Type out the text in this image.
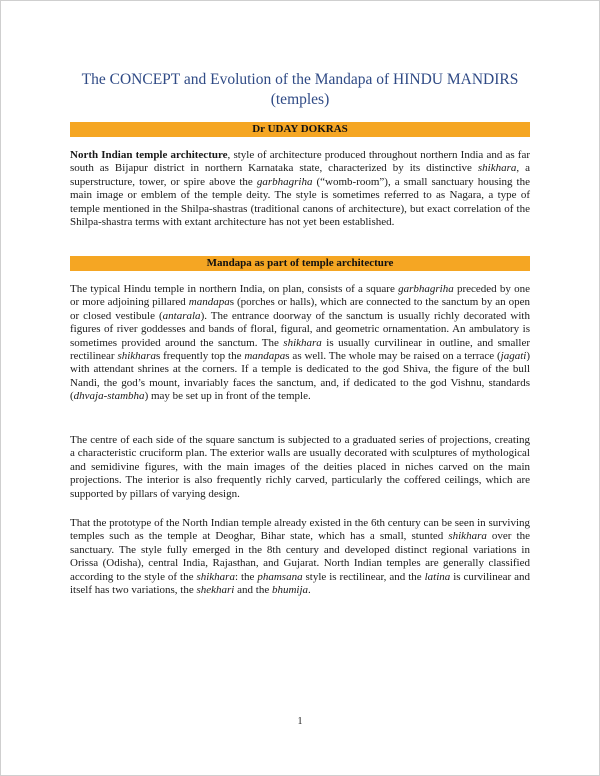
The CONCEPT and Evolution of the Mandapa of HINDU MANDIRS
(temples)
Dr UDAY DOKRAS

North Indian temple architecture, style of architecture produced throughout northern India and as far south as Bijapur district in northern Karnataka state, characterized by its distinctive shikhara, a superstructure, tower, or spire above the garbhagriha (“womb-room”), a small sanctuary housing the main image or emblem of the temple deity. The style is sometimes referred to as Nagara, a type of temple mentioned in the Shilpa-shastras (traditional canons of architecture), but exact correlation of the Shilpa-shastra terms with extant architecture has not yet been established.

Mandapa as part of temple architecture

The typical Hindu temple in northern India, on plan, consists of a square garbhagriha preceded by one or more adjoining pillared mandapas (porches or halls), which are connected to the sanctum by an open or closed vestibule (antarala). The entrance doorway of the sanctum is usually richly decorated with figures of river goddesses and bands of floral, figural, and geometric ornamentation. An ambulatory is sometimes provided around the sanctum. The shikhara is usually curvilinear in outline, and smaller rectilinear shikharas frequently top the mandapas as well. The whole may be raised on a terrace (jagati) with attendant shrines at the corners. If a temple is dedicated to the god Shiva, the figure of the bull Nandi, the god’s mount, invariably faces the sanctum, and, if dedicated to the god Vishnu, standards (dhvaja-stambha) may be set up in front of the temple.

The centre of each side of the square sanctum is subjected to a graduated series of projections, creating a characteristic cruciform plan. The exterior walls are usually decorated with sculptures of mythological and semidivine figures, with the main images of the deities placed in niches carved on the main projections. The interior is also frequently richly carved, particularly the coffered ceilings, which are supported by pillars of varying design.

That the prototype of the North Indian temple already existed in the 6th century can be seen in surviving temples such as the temple at Deoghar, Bihar state, which has a small, stunted shikhara over the sanctuary. The style fully emerged in the 8th century and developed distinct regional variations in Orissa (Odisha), central India, Rajasthan, and Gujarat. North Indian temples are generally classified according to the style of the shikhara: the phamsana style is rectilinear, and the latina is curvilinear and itself has two variations, the shekhari and the bhumija.

1
